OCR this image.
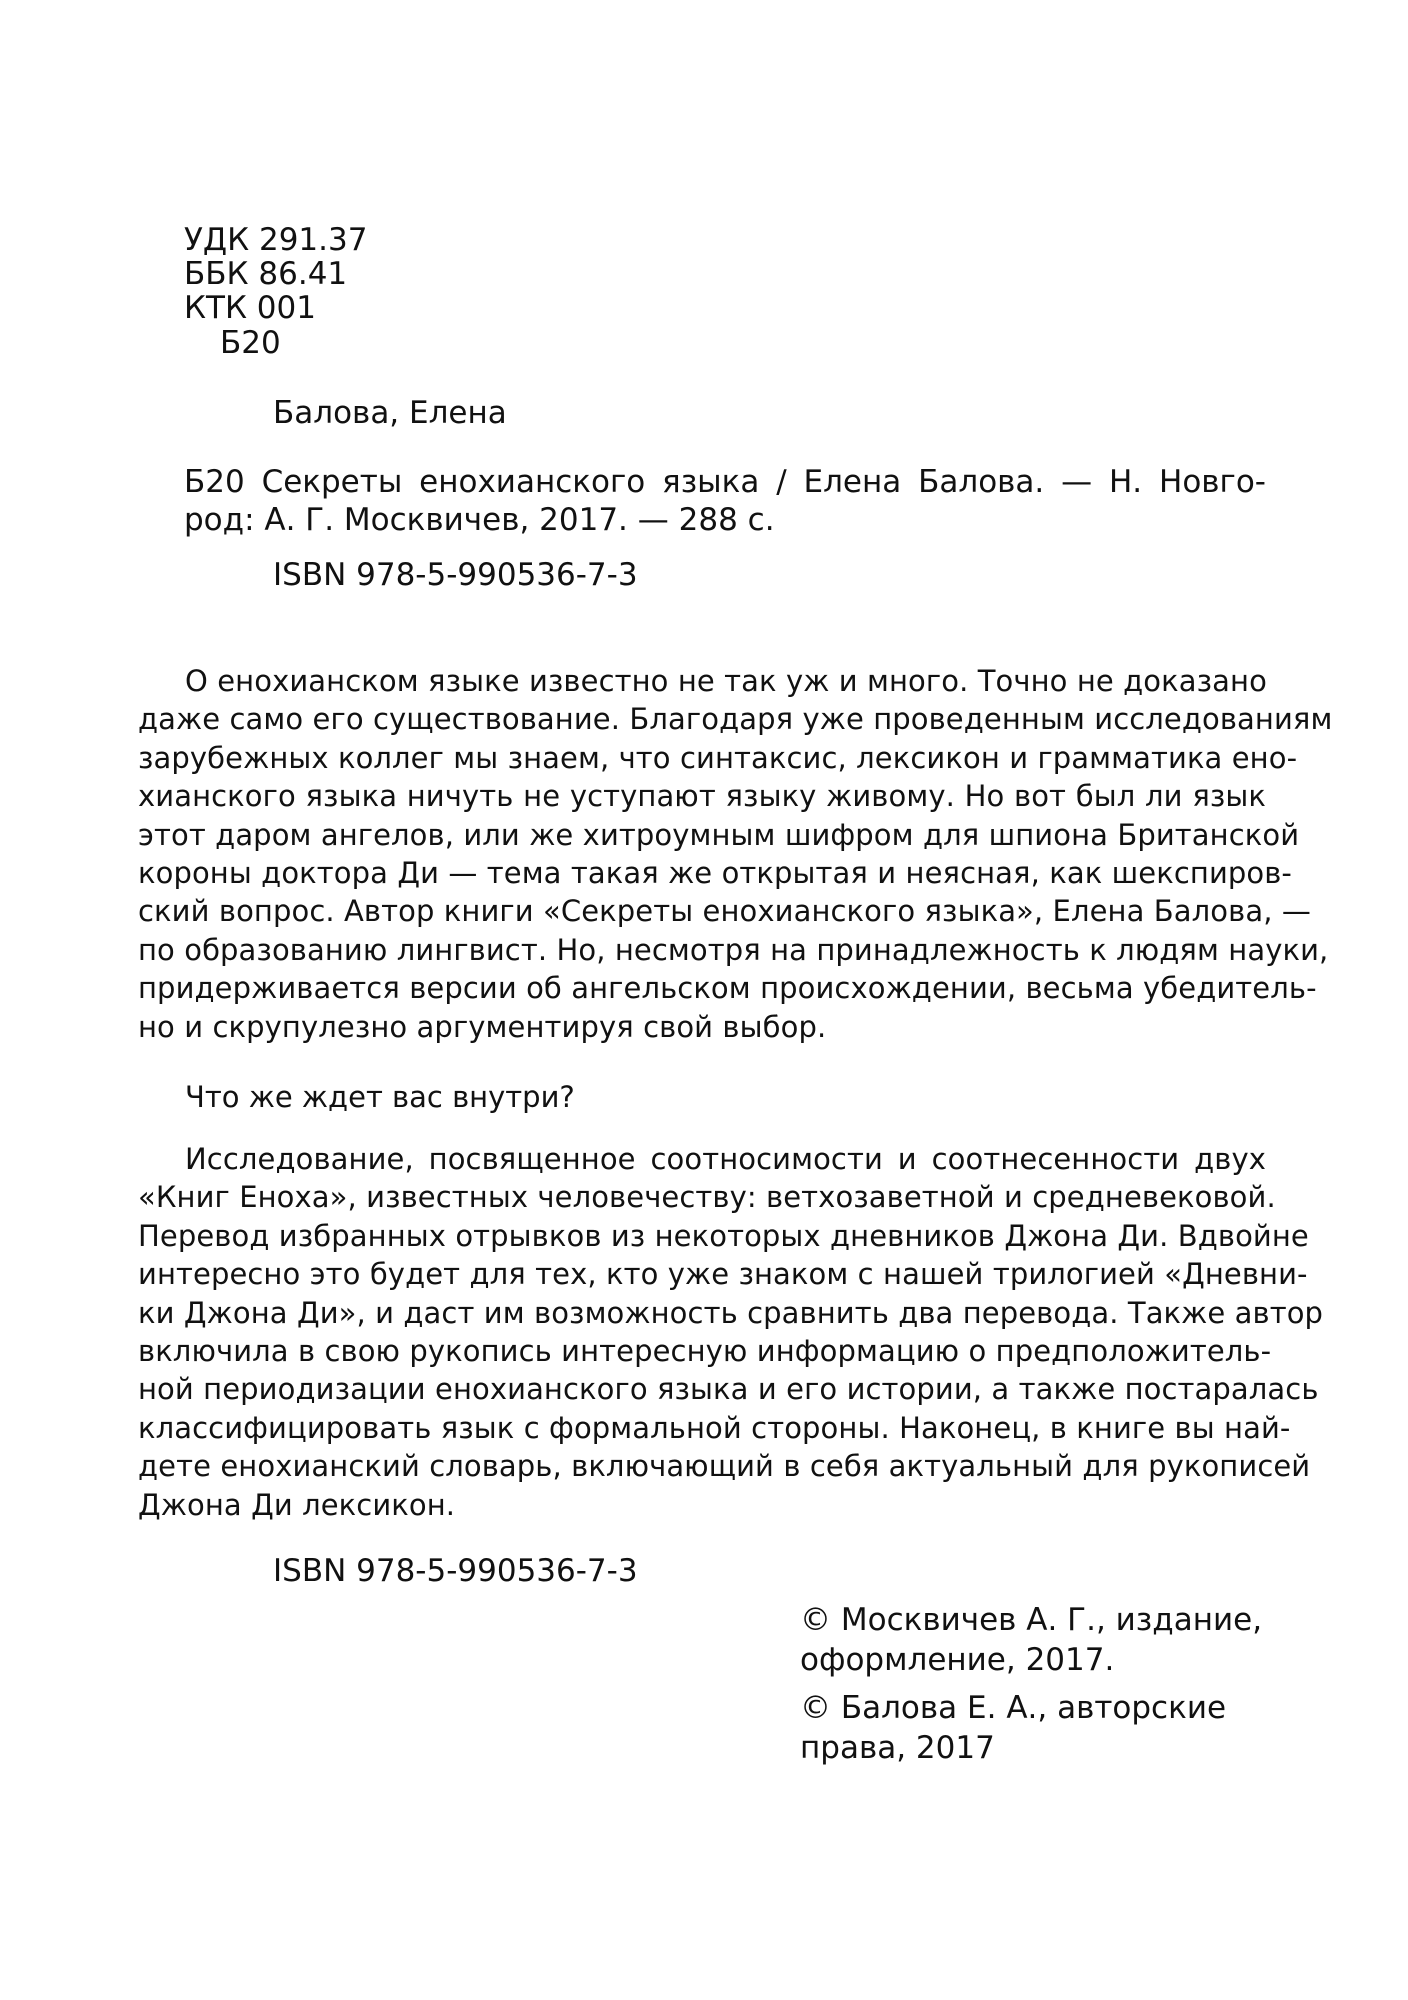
УДК 291.37
ББК 86.41
КТК 001
Б20
Балова, Елена
Б20 Секреты енохианского языка / Елена Балова. — Н. Новго-
род: А. Г. Москвичев, 2017. — 288 с.
ISBN 978-5-990536-7-3
О енохианском языке известно не так уж и много. Точно не доказано
даже само его существование. Благодаря уже проведенным исследованиям
зарубежных коллег мы знаем, что синтаксис, лексикон и грамматика ено-
хианского языка ничуть не уступают языку живому. Но вот был ли язык
этот даром ангелов, или же хитроумным шифром для шпиона Британской
короны доктора Ди — тема такая же открытая и неясная, как шекспиров-
ский вопрос. Автор книги «Секреты енохианского языка», Елена Балова, —
по образованию лингвист. Но, несмотря на принадлежность к людям науки,
придерживается версии об ангельском происхождении, весьма убедитель-
но и скрупулезно аргументируя свой выбор.
Что же ждет вас внутри?
Исследование, посвященное соотносимости и соотнесенности двух
«Книг Еноха», известных человечеству: ветхозаветной и средневековой.
Перевод избранных отрывков из некоторых дневников Джона Ди. Вдвойне
интересно это будет для тех, кто уже знаком с нашей трилогией «Дневни-
ки Джона Ди», и даст им возможность сравнить два перевода. Также автор
включила в свою рукопись интересную информацию о предположитель-
ной периодизации енохианского языка и его истории, а также постаралась
классифицировать язык с формальной стороны. Наконец, в книге вы най-
дете енохианский словарь, включающий в себя актуальный для рукописей
Джона Ди лексикон.
ISBN 978-5-990536-7-3
© Москвичев А. Г., издание,
оформление, 2017.
© Балова Е. А., авторские
права, 2017
